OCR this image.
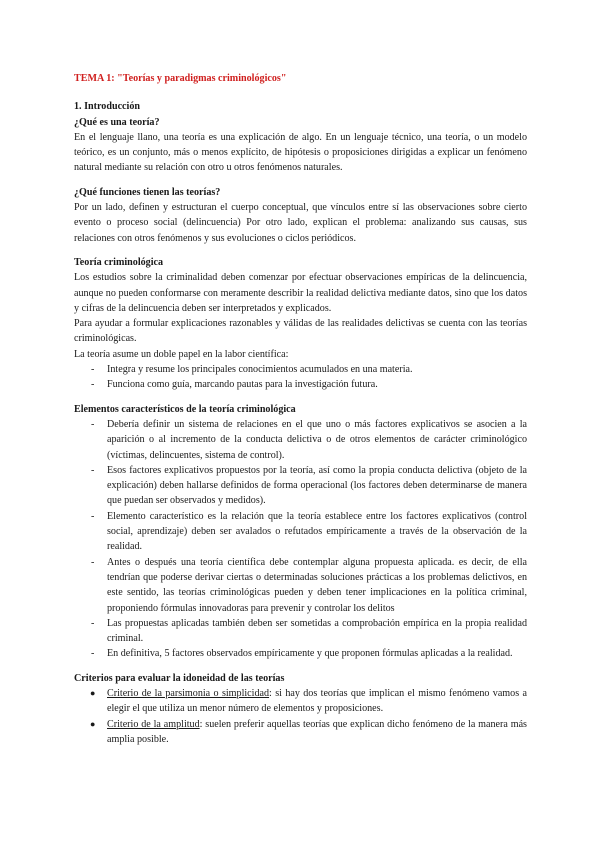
TEMA 1: "Teorías y paradigmas criminológicos"

1. Introducción

¿Qué es una teoría?

En el lenguaje llano, una teoría es una explicación de algo. En un lenguaje técnico, una teoría, o un modelo teórico, es un conjunto, más o menos explícito, de hipótesis o proposiciones dirigidas a explicar un fenómeno natural mediante su relación con otro u otros fenómenos naturales.

¿Qué funciones tienen las teorías?

Por un lado, definen y estructuran el cuerpo conceptual, que vínculos entre sí las observaciones sobre cierto evento o proceso social (delincuencia) Por otro lado, explican el problema: analizando sus causas, sus relaciones con otros fenómenos y sus evoluciones o ciclos periódicos.

Teoría criminológica

Los estudios sobre la criminalidad deben comenzar por efectuar observaciones empíricas de la delincuencia, aunque no pueden conformarse con meramente describir la realidad delictiva mediante datos, sino que los datos y cifras de la delincuencia deben ser interpretados y explicados.

Para ayudar a formular explicaciones razonables y válidas de las realidades delictivas se cuenta con las teorías criminológicas.

La teoría asume un doble papel en la labor científica:

- Integra y resume los principales conocimientos acumulados en una materia.
- Funciona como guía, marcando pautas para la investigación futura.

Elementos característicos de la teoría criminológica

- Debería definir un sistema de relaciones en el que uno o más factores explicativos se asocien a la aparición o al incremento de la conducta delictiva o de otros elementos de carácter criminológico (víctimas, delincuentes, sistema de control).
- Esos factores explicativos propuestos por la teoría, así como la propia conducta delictiva (objeto de la explicación) deben hallarse definidos de forma operacional (los factores deben determinarse de manera que puedan ser observados y medidos).
- Elemento característico es la relación que la teoría establece entre los factores explicativos (control social, aprendizaje) deben ser avalados o refutados empíricamente a través de la observación de la realidad.
- Antes o después una teoría científica debe contemplar alguna propuesta aplicada. es decir, de ella tendrían que poderse derivar ciertas o determinadas soluciones prácticas a los problemas delictivos, en este sentido, las teorías criminológicas pueden y deben tener implicaciones en la política criminal, proponiendo fórmulas innovadoras para prevenir y controlar los delitos
- Las propuestas aplicadas también deben ser sometidas a comprobación empírica en la propia realidad criminal.
- En definitiva, 5 factores observados empíricamente y que proponen fórmulas aplicadas a la realidad.

Criterios para evaluar la idoneidad de las teorías

● Criterio de la parsimonia o simplicidad: si hay dos teorías que implican el mismo fenómeno vamos a elegir el que utiliza un menor número de elementos y proposiciones.
● Criterio de la amplitud: suelen preferir aquellas teorías que explican dicho fenómeno de la manera más amplia posible.
